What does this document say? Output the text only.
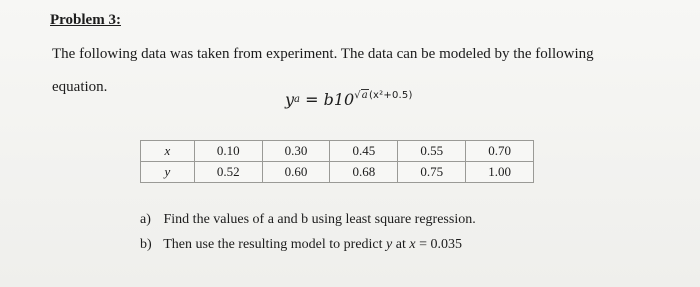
Problem 3:

The following data was taken from experiment. The data can be modeled by the following equation.

$y^a = b10^{√a(x^2+0.5)}$
x	0.10	0.30	0.45	0.55	0.70
y	0.52	0.60	0.68	0.75	1.00
a) Find the values of a and b using least square regression.
b) Then use the resulting model to predict y at x = 0.035
